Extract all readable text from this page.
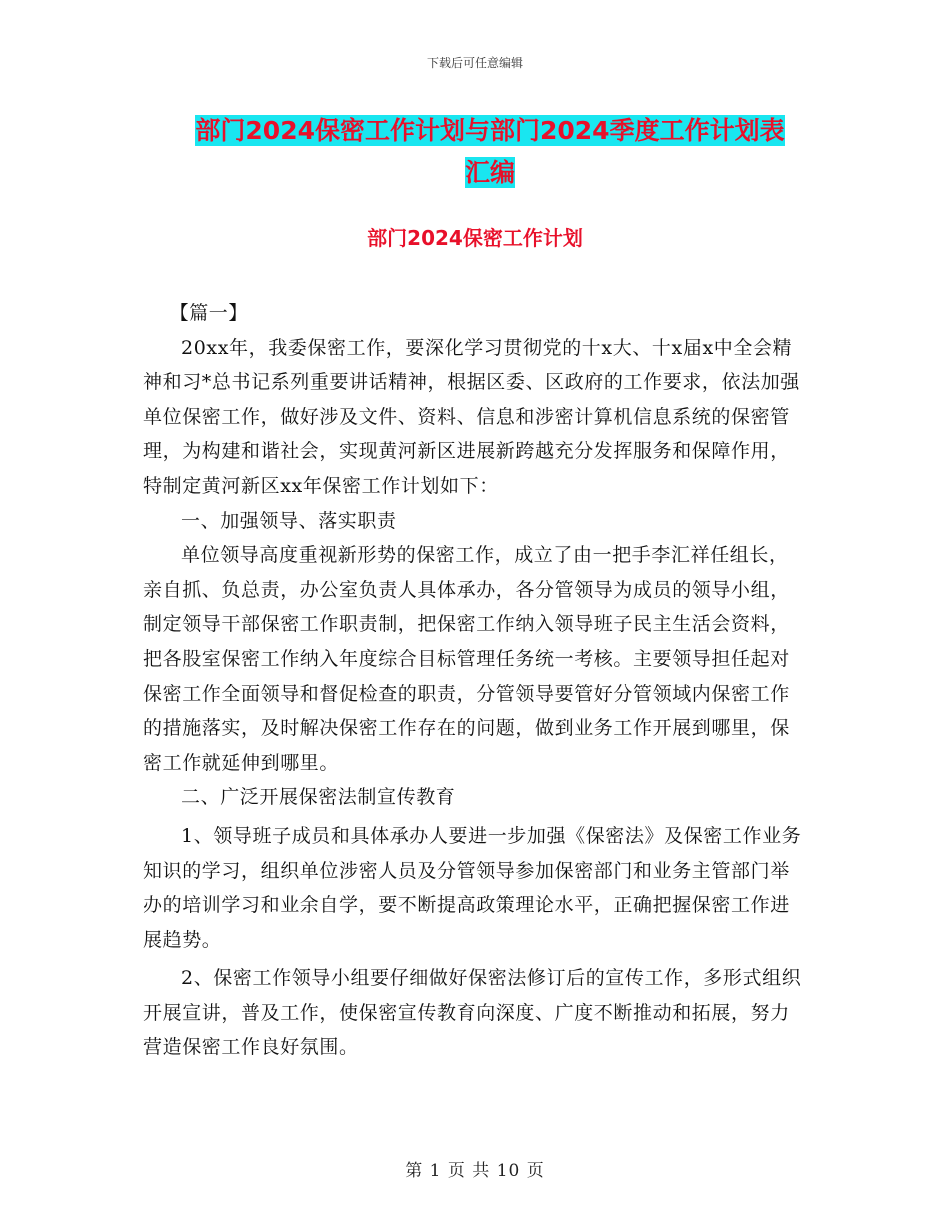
下载后可任意编辑
部门2024保密工作计划与部门2024季度工作计划表
汇编
部门2024保密工作计划

【篇一】

20xx年，我委保密工作，要深化学习贯彻党的十x大、十x届x中全会精神和习*总书记系列重要讲话精神，根据区委、区政府的工作要求，依法加强单位保密工作，做好涉及文件、资料、信息和涉密计算机信息系统的保密管理，为构建和谐社会，实现黄河新区进展新跨越充分发挥服务和保障作用，特制定黄河新区xx年保密工作计划如下：

一、加强领导、落实职责

单位领导高度重视新形势的保密工作，成立了由一把手李汇祥任组长，亲自抓、负总责，办公室负责人具体承办，各分管领导为成员的领导小组，制定领导干部保密工作职责制，把保密工作纳入领导班子民主生活会资料，把各股室保密工作纳入年度综合目标管理任务统一考核。主要领导担任起对保密工作全面领导和督促检查的职责，分管领导要管好分管领域内保密工作的措施落实，及时解决保密工作存在的问题，做到业务工作开展到哪里，保密工作就延伸到哪里。

二、广泛开展保密法制宣传教育

1、领导班子成员和具体承办人要进一步加强《保密法》及保密工作业务知识的学习，组织单位涉密人员及分管领导参加保密部门和业务主管部门举办的培训学习和业余自学，要不断提高政策理论水平，正确把握保密工作进展趋势。

2、保密工作领导小组要仔细做好保密法修订后的宣传工作，多形式组织开展宣讲，普及工作，使保密宣传教育向深度、广度不断推动和拓展，努力营造保密工作良好氛围。

第 1 页 共 10 页
